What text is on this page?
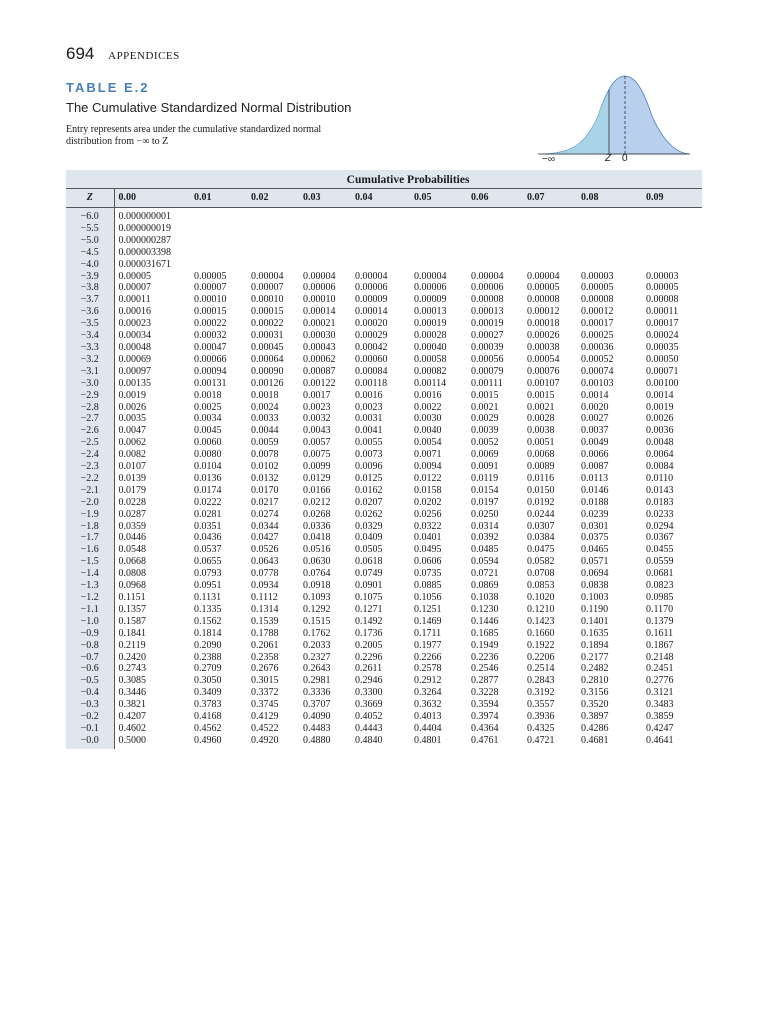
694 APPENDICES
TABLE E.2
The Cumulative Standardized Normal Distribution
Entry represents area under the cumulative standardized normal distribution from −∞ to Z
−∞	Z 0
	Cumulative Probabilities									
Z	0.00	0.01	0.02	0.03	0.04	0.05	0.06	0.07	0.08	0.09
−6.0	0.000000001									
−5.5	0.000000019									
−5.0	0.000000287									
−4.5	0.000003398									
−4.0	0.000031671									
−3.9	0.00005	0.00005	0.00004	0.00004	0.00004	0.00004	0.00004	0.00004	0.00003	0.00003
−3.8	0.00007	0.00007	0.00007	0.00006	0.00006	0.00006	0.00006	0.00005	0.00005	0.00005
−3.7	0.00011	0.00010	0.00010	0.00010	0.00009	0.00009	0.00008	0.00008	0.00008	0.00008
−3.6	0.00016	0.00015	0.00015	0.00014	0.00014	0.00013	0.00013	0.00012	0.00012	0.00011
−3.5	0.00023	0.00022	0.00022	0.00021	0.00020	0.00019	0.00019	0.00018	0.00017	0.00017
−3.4	0.00034	0.00032	0.00031	0.00030	0.00029	0.00028	0.00027	0.00026	0.00025	0.00024
−3.3	0.00048	0.00047	0.00045	0.00043	0.00042	0.00040	0.00039	0.00038	0.00036	0.00035
−3.2	0.00069	0.00066	0.00064	0.00062	0.00060	0.00058	0.00056	0.00054	0.00052	0.00050
−3.1	0.00097	0.00094	0.00090	0.00087	0.00084	0.00082	0.00079	0.00076	0.00074	0.00071
−3.0	0.00135	0.00131	0.00126	0.00122	0.00118	0.00114	0.00111	0.00107	0.00103	0.00100
−2.9	0.0019	0.0018	0.0018	0.0017	0.0016	0.0016	0.0015	0.0015	0.0014	0.0014
−2.8	0.0026	0.0025	0.0024	0.0023	0.0023	0.0022	0.0021	0.0021	0.0020	0.0019
−2.7	0.0035	0.0034	0.0033	0.0032	0.0031	0.0030	0.0029	0.0028	0.0027	0.0026
−2.6	0.0047	0.0045	0.0044	0.0043	0.0041	0.0040	0.0039	0.0038	0.0037	0.0036
−2.5	0.0062	0.0060	0.0059	0.0057	0.0055	0.0054	0.0052	0.0051	0.0049	0.0048
−2.4	0.0082	0.0080	0.0078	0.0075	0.0073	0.0071	0.0069	0.0068	0.0066	0.0064
−2.3	0.0107	0.0104	0.0102	0.0099	0.0096	0.0094	0.0091	0.0089	0.0087	0.0084
−2.2	0.0139	0.0136	0.0132	0.0129	0.0125	0.0122	0.0119	0.0116	0.0113	0.0110
−2.1	0.0179	0.0174	0.0170	0.0166	0.0162	0.0158	0.0154	0.0150	0.0146	0.0143
−2.0	0.0228	0.0222	0.0217	0.0212	0.0207	0.0202	0.0197	0.0192	0.0188	0.0183
−1.9	0.0287	0.0281	0.0274	0.0268	0.0262	0.0256	0.0250	0.0244	0.0239	0.0233
−1.8	0.0359	0.0351	0.0344	0.0336	0.0329	0.0322	0.0314	0.0307	0.0301	0.0294
−1.7	0.0446	0.0436	0.0427	0.0418	0.0409	0.0401	0.0392	0.0384	0.0375	0.0367
−1.6	0.0548	0.0537	0.0526	0.0516	0.0505	0.0495	0.0485	0.0475	0.0465	0.0455
−1.5	0.0668	0.0655	0.0643	0.0630	0.0618	0.0606	0.0594	0.0582	0.0571	0.0559
−1.4	0.0808	0.0793	0.0778	0.0764	0.0749	0.0735	0.0721	0.0708	0.0694	0.0681
−1.3	0.0968	0.0951	0.0934	0.0918	0.0901	0.0885	0.0869	0.0853	0.0838	0.0823
−1.2	0.1151	0.1131	0.1112	0.1093	0.1075	0.1056	0.1038	0.1020	0.1003	0.0985
−1.1	0.1357	0.1335	0.1314	0.1292	0.1271	0.1251	0.1230	0.1210	0.1190	0.1170
−1.0	0.1587	0.1562	0.1539	0.1515	0.1492	0.1469	0.1446	0.1423	0.1401	0.1379
−0.9	0.1841	0.1814	0.1788	0.1762	0.1736	0.1711	0.1685	0.1660	0.1635	0.1611
−0.8	0.2119	0.2090	0.2061	0.2033	0.2005	0.1977	0.1949	0.1922	0.1894	0.1867
−0.7	0.2420	0.2388	0.2358	0.2327	0.2296	0.2266	0.2236	0.2206	0.2177	0.2148
−0.6	0.2743	0.2709	0.2676	0.2643	0.2611	0.2578	0.2546	0.2514	0.2482	0.2451
−0.5	0.3085	0.3050	0.3015	0.2981	0.2946	0.2912	0.2877	0.2843	0.2810	0.2776
−0.4	0.3446	0.3409	0.3372	0.3336	0.3300	0.3264	0.3228	0.3192	0.3156	0.3121
−0.3	0.3821	0.3783	0.3745	0.3707	0.3669	0.3632	0.3594	0.3557	0.3520	0.3483
−0.2	0.4207	0.4168	0.4129	0.4090	0.4052	0.4013	0.3974	0.3936	0.3897	0.3859
−0.1	0.4602	0.4562	0.4522	0.4483	0.4443	0.4404	0.4364	0.4325	0.4286	0.4247
−0.0	0.5000	0.4960	0.4920	0.4880	0.4840	0.4801	0.4761	0.4721	0.4681	0.4641
